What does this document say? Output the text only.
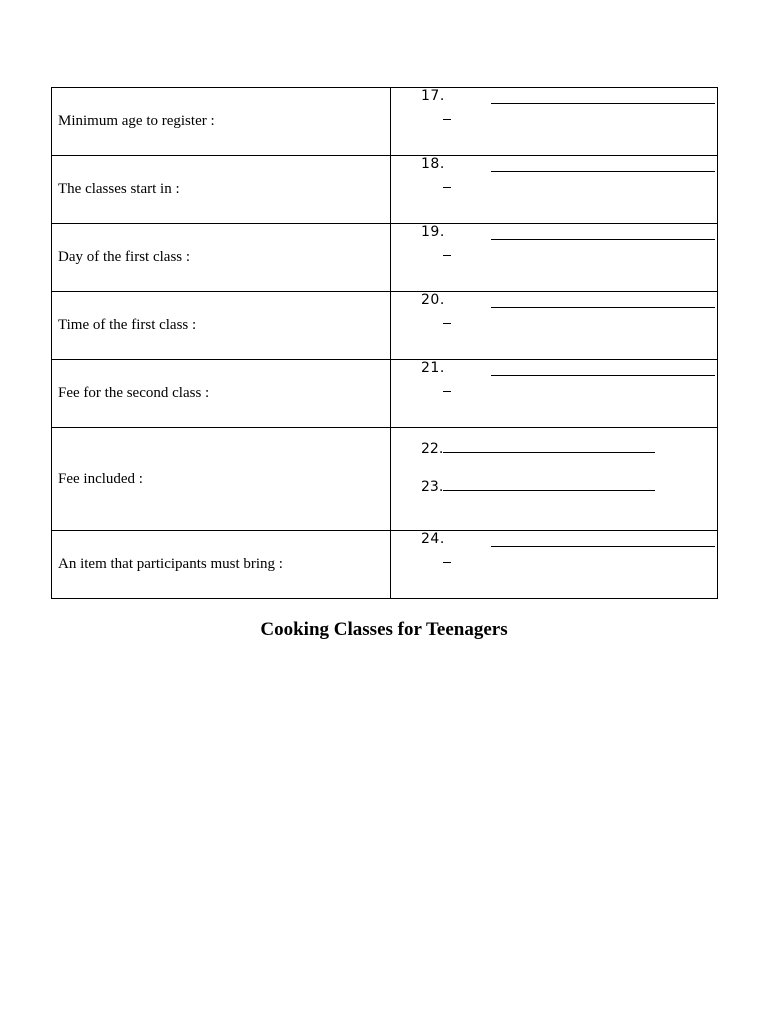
Minimum age to register :	17.

The classes start in :	18.

Day of the first class :	19.

Time of the first class :	20.

Fee for the second class :	21.

Fee included :	22.
23.

An item that participants must bring :	24.
Cooking Classes for Teenagers
